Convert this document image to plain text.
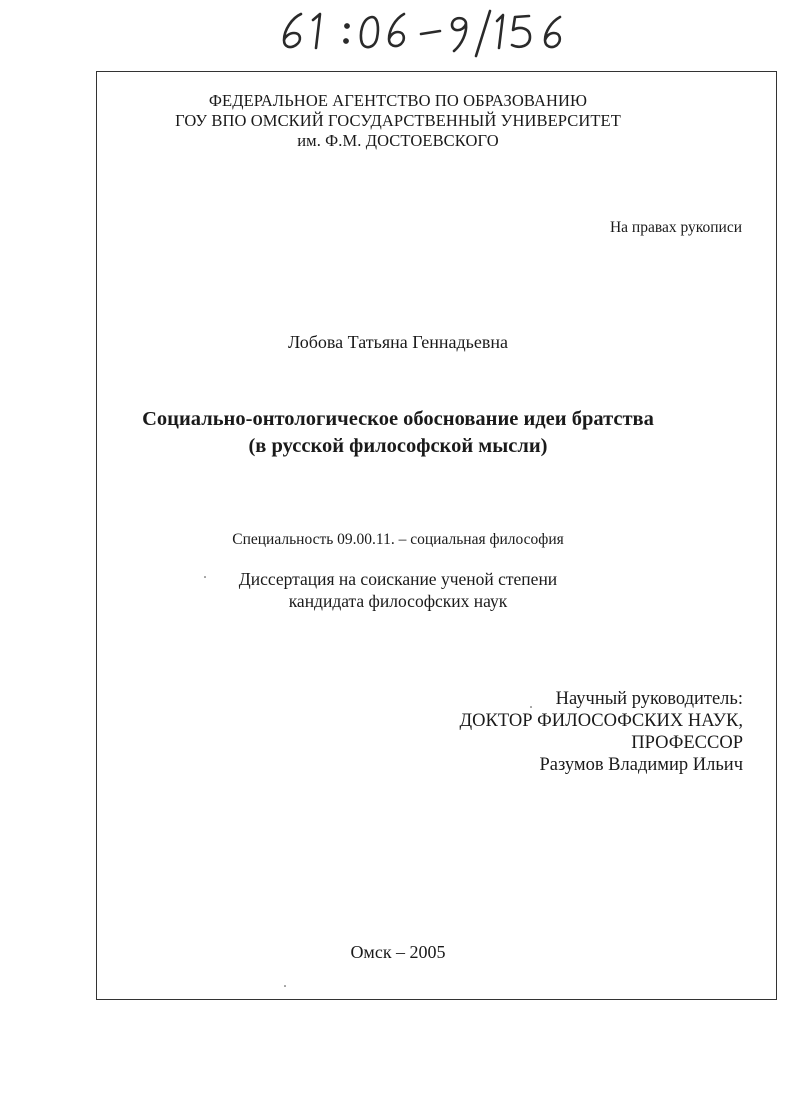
ФЕДЕРАЛЬНОЕ АГЕНТСТВО ПО ОБРАЗОВАНИЮ
ГОУ ВПО ОМСКИЙ ГОСУДАРСТВЕННЫЙ УНИВЕРСИТЕТ
им. Ф.М. ДОСТОЕВСКОГО
На правах рукописи
Лобова Татьяна Геннадьевна
Социально-онтологическое обоснование идеи братства
(в русской философской мысли)
Специальность 09.00.11. – социальная философия
Диссертация на соискание ученой степени
кандидата философских наук
Научный руководитель:
ДОКТОР ФИЛОСОФСКИХ НАУК,
ПРОФЕССОР
Разумов Владимир Ильич
Омск – 2005
